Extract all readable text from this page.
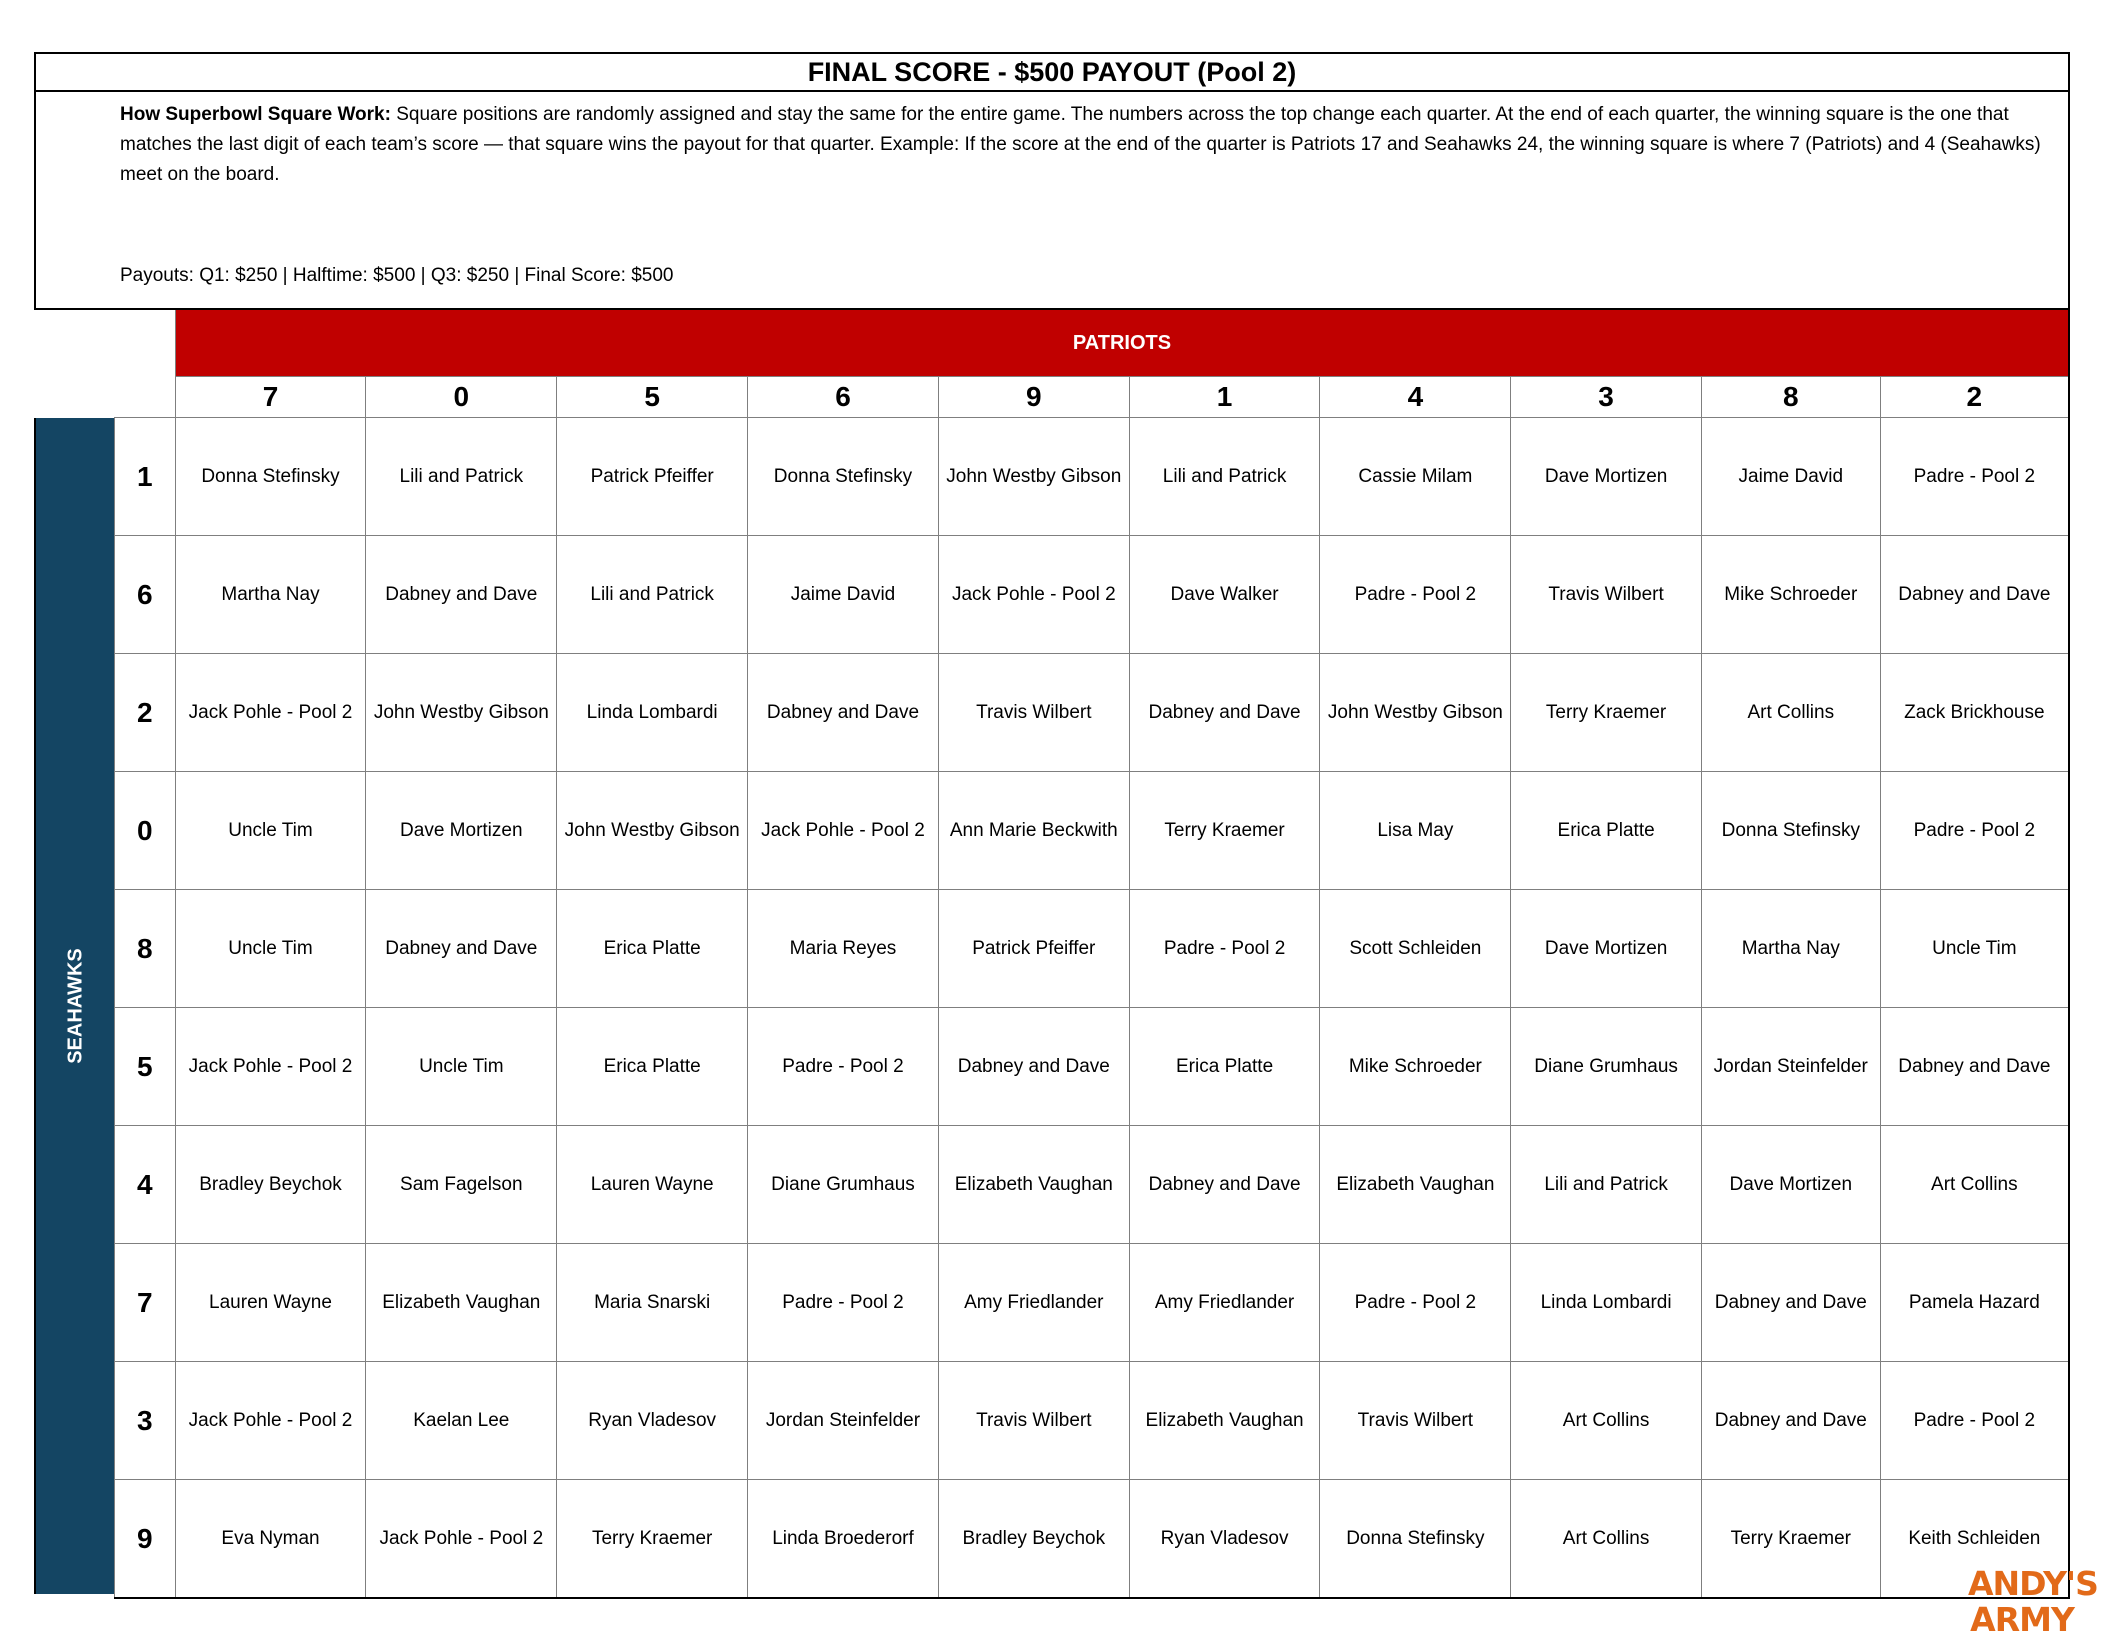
FINAL SCORE - $500 PAYOUT (Pool 2)
How Superbowl Square Work: Square positions are randomly assigned and stay the same for the entire game. The numbers across the top change each quarter. At the end of each quarter, the winning square is the one that matches the last digit of each team’s score — that square wins the payout for that quarter. Example: If the score at the end of the quarter is Patriots 17 and Seahawks 24, the winning square is where 7 (Patriots) and 4 (Seahawks) meet on the board.
Payouts: Q1: $250 | Halftime: $500 | Q3: $250 | Final Score: $500
PATRIOTS
SEAHAWKS
	7	0	5	6	9	1	4	3	8	2
1	Donna Stefinsky	Lili and Patrick	Patrick Pfeiffer	Donna Stefinsky	John Westby Gibson	Lili and Patrick	Cassie Milam	Dave Mortizen	Jaime David	Padre - Pool 2
6	Martha Nay	Dabney and Dave	Lili and Patrick	Jaime David	Jack Pohle - Pool 2	Dave Walker	Padre - Pool 2	Travis Wilbert	Mike Schroeder	Dabney and Dave
2	Jack Pohle - Pool 2	John Westby Gibson	Linda Lombardi	Dabney and Dave	Travis Wilbert	Dabney and Dave	John Westby Gibson	Terry Kraemer	Art Collins	Zack Brickhouse
0	Uncle Tim	Dave Mortizen	John Westby Gibson	Jack Pohle - Pool 2	Ann Marie Beckwith	Terry Kraemer	Lisa May	Erica Platte	Donna Stefinsky	Padre - Pool 2
8	Uncle Tim	Dabney and Dave	Erica Platte	Maria Reyes	Patrick Pfeiffer	Padre - Pool 2	Scott Schleiden	Dave Mortizen	Martha Nay	Uncle Tim
5	Jack Pohle - Pool 2	Uncle Tim	Erica Platte	Padre - Pool 2	Dabney and Dave	Erica Platte	Mike Schroeder	Diane Grumhaus	Jordan Steinfelder	Dabney and Dave
4	Bradley Beychok	Sam Fagelson	Lauren Wayne	Diane Grumhaus	Elizabeth Vaughan	Dabney and Dave	Elizabeth Vaughan	Lili and Patrick	Dave Mortizen	Art Collins
7	Lauren Wayne	Elizabeth Vaughan	Maria Snarski	Padre - Pool 2	Amy Friedlander	Amy Friedlander	Padre - Pool 2	Linda Lombardi	Dabney and Dave	Pamela Hazard
3	Jack Pohle - Pool 2	Kaelan Lee	Ryan Vladesov	Jordan Steinfelder	Travis Wilbert	Elizabeth Vaughan	Travis Wilbert	Art Collins	Dabney and Dave	Padre - Pool 2
9	Eva Nyman	Jack Pohle - Pool 2	Terry Kraemer	Linda Broederorf	Bradley Beychok	Ryan Vladesov	Donna Stefinsky	Art Collins	Terry Kraemer	Keith Schleiden
ANDY'S
ARMY
